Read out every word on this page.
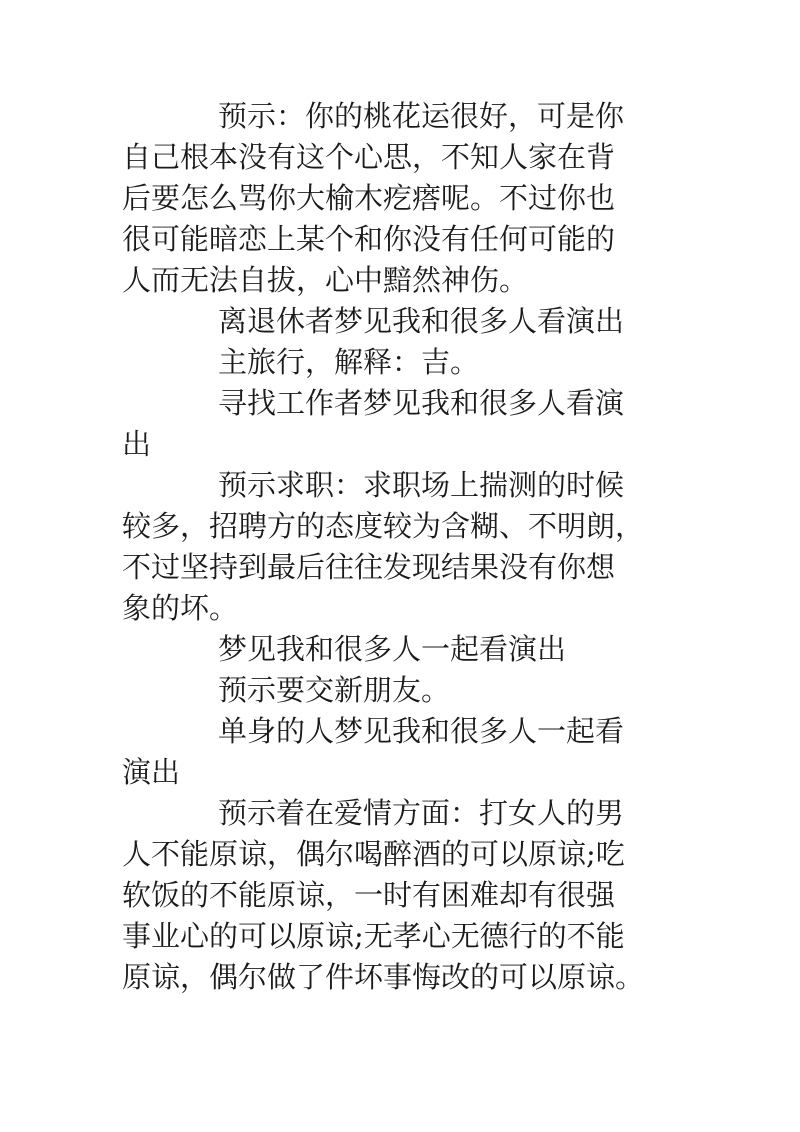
预示：你的桃花运很好，可是你
自己根本没有这个心思，不知人家在背
后要怎么骂你大榆木疙瘩呢。不过你也
很可能暗恋上某个和你没有任何可能的
人而无法自拔，心中黯然神伤。
离退休者梦见我和很多人看演出
主旅行，解释：吉。
寻找工作者梦见我和很多人看演
出
预示求职：求职场上揣测的时候
较多，招聘方的态度较为含糊、不明朗，
不过坚持到最后往往发现结果没有你想
象的坏。
梦见我和很多人一起看演出
预示要交新朋友。
单身的人梦见我和很多人一起看
演出
预示着在爱情方面：打女人的男
人不能原谅，偶尔喝醉酒的可以原谅;吃
软饭的不能原谅，一时有困难却有很强
事业心的可以原谅;无孝心无德行的不能
原谅，偶尔做了件坏事悔改的可以原谅。
